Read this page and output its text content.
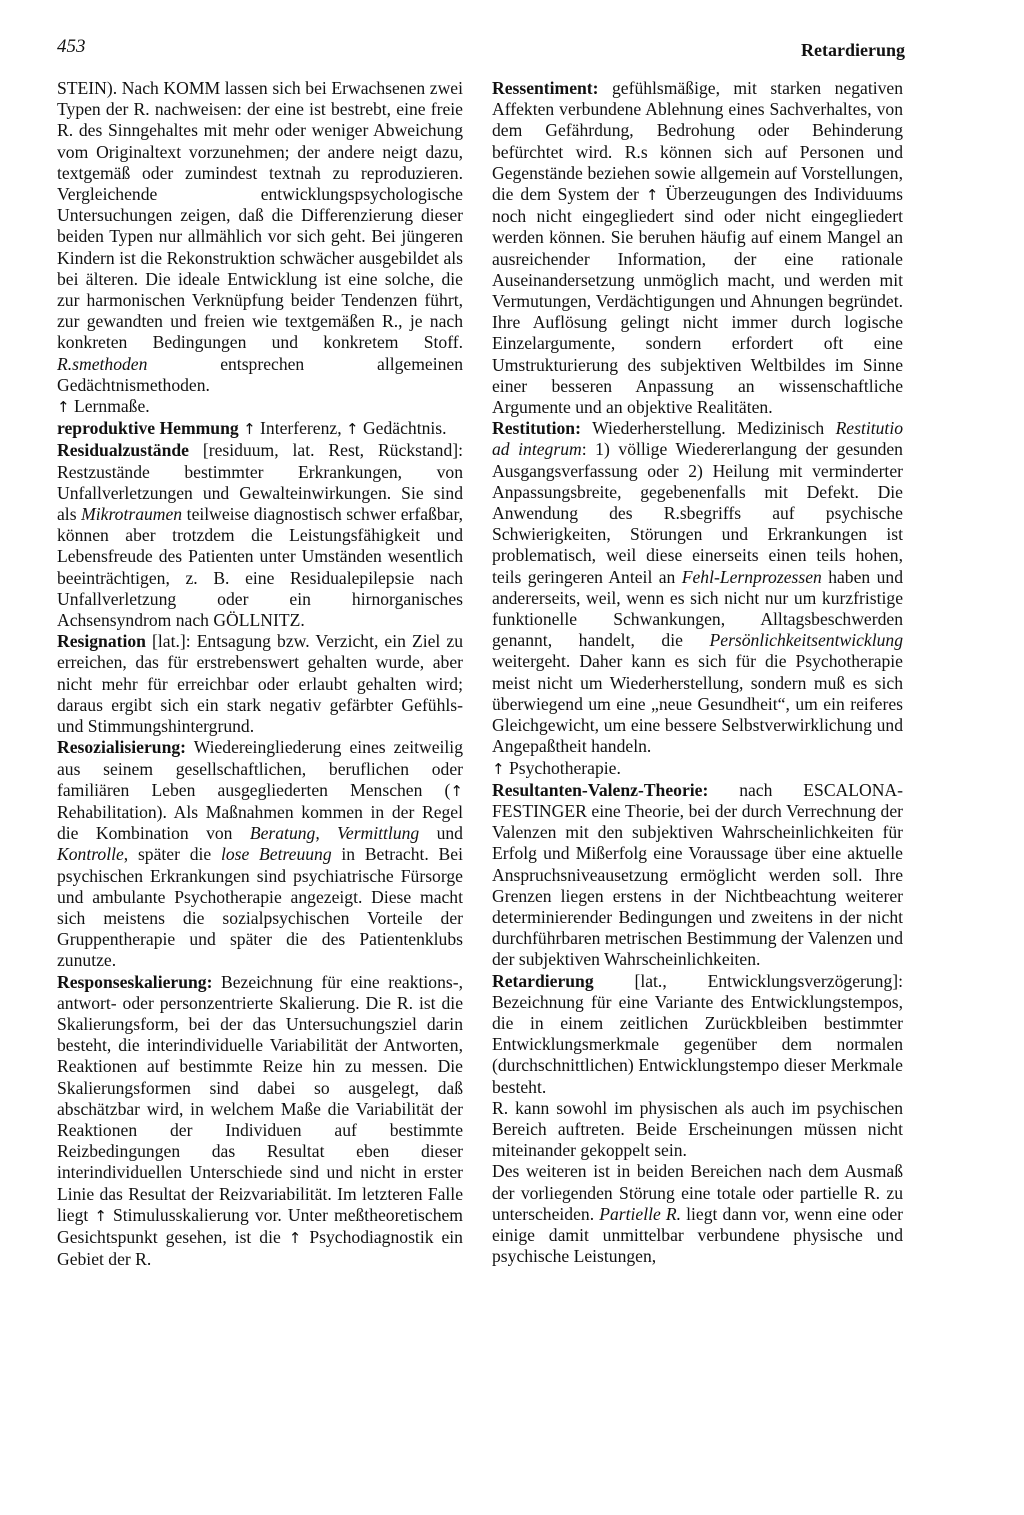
453	Retardierung

STEIN). Nach KOMM lassen sich bei Erwachsenen zwei Typen der R. nachweisen: der eine ist bestrebt, eine freie R. des Sinngehaltes mit mehr oder weniger Abweichung vom Originaltext vorzunehmen; der andere neigt dazu, textgemäß oder zumindest textnah zu reproduzieren. Vergleichende entwicklungspsychologische Untersuchungen zeigen, daß die Differenzierung dieser beiden Typen nur allmählich vor sich geht. Bei jüngeren Kindern ist die Rekonstruktion schwächer ausgebildet als bei älteren. Die ideale Entwicklung ist eine solche, die zur harmonischen Verknüpfung beider Tendenzen führt, zur gewandten und freien wie textgemäßen R., je nach konkreten Bedingungen und konkretem Stoff. R.smethoden entsprechen allgemeinen Gedächtnismethoden.

↑ Lernmaße.

reproduktive Hemmung ↑ Interferenz, ↑ Gedächtnis.

Residualzustände [residuum, lat. Rest, Rückstand]: Restzustände bestimmter Erkrankungen, von Unfallverletzungen und Gewalteinwirkungen. Sie sind als Mikrotraumen teilweise diagnostisch schwer erfaßbar, können aber trotzdem die Leistungsfähigkeit und Lebensfreude des Patienten unter Umständen wesentlich beeinträchtigen, z. B. eine Residualepilepsie nach Unfallverletzung oder ein hirnorganisches Achsensyndrom nach GÖLLNITZ.

Resignation [lat.]: Entsagung bzw. Verzicht, ein Ziel zu erreichen, das für erstrebenswert gehalten wurde, aber nicht mehr für erreichbar oder erlaubt gehalten wird; daraus ergibt sich ein stark negativ gefärbter Gefühls- und Stimmungshintergrund.

Resozialisierung: Wiedereingliederung eines zeitweilig aus seinem gesellschaftlichen, beruflichen oder familiären Leben ausgegliederten Menschen (↑ Rehabilitation). Als Maßnahmen kommen in der Regel die Kombination von Beratung, Vermittlung und Kontrolle, später die lose Betreuung in Betracht. Bei psychischen Erkrankungen sind psychiatrische Fürsorge und ambulante Psychotherapie angezeigt. Diese macht sich meistens die sozialpsychischen Vorteile der Gruppentherapie und später die des Patientenklubs zunutze.

Responseskalierung: Bezeichnung für eine reaktions-, antwort- oder personzentrierte Skalierung. Die R. ist die Skalierungsform, bei der das Untersuchungsziel darin besteht, die interindividuelle Variabilität der Antworten, Reaktionen auf bestimmte Reize hin zu messen. Die Skalierungsformen sind dabei so ausgelegt, daß abschätzbar wird, in welchem Maße die Variabilität der Reaktionen der Individuen auf bestimmte Reizbedingungen das Resultat eben dieser interindividuellen Unterschiede sind und nicht in erster Linie das Resultat der Reizvariabilität. Im letzteren Falle liegt ↑ Stimulusskalierung vor. Unter meßtheoretischem Gesichtspunkt gesehen, ist die ↑ Psychodiagnostik ein Gebiet der R.

Ressentiment: gefühlsmäßige, mit starken negativen Affekten verbundene Ablehnung eines Sachverhaltes, von dem Gefährdung, Bedrohung oder Behinderung befürchtet wird. R.s können sich auf Personen und Gegenstände beziehen sowie allgemein auf Vorstellungen, die dem System der ↑ Überzeugungen des Individuums noch nicht eingegliedert sind oder nicht eingegliedert werden können. Sie beruhen häufig auf einem Mangel an ausreichender Information, der eine rationale Auseinandersetzung unmöglich macht, und werden mit Vermutungen, Verdächtigungen und Ahnungen begründet. Ihre Auflösung gelingt nicht immer durch logische Einzelargumente, sondern erfordert oft eine Umstrukturierung des subjektiven Weltbildes im Sinne einer besseren Anpassung an wissenschaftliche Argumente und an objektive Realitäten.

Restitution: Wiederherstellung. Medizinisch Restitutio ad integrum: 1) völlige Wiedererlangung der gesunden Ausgangsverfassung oder 2) Heilung mit verminderter Anpassungsbreite, gegebenenfalls mit Defekt. Die Anwendung des R.sbegriffs auf psychische Schwierigkeiten, Störungen und Erkrankungen ist problematisch, weil diese einerseits einen teils hohen, teils geringeren Anteil an Fehl-Lernprozessen haben und andererseits, weil, wenn es sich nicht nur um kurzfristige funktionelle Schwankungen, Alltagsbeschwerden genannt, handelt, die Persönlichkeitsentwicklung weitergeht. Daher kann es sich für die Psychotherapie meist nicht um Wiederherstellung, sondern muß es sich überwiegend um eine „neue Gesundheit“, um ein reiferes Gleichgewicht, um eine bessere Selbstverwirklichung und Angepaßtheit handeln.

↑ Psychotherapie.

Resultanten-Valenz-Theorie: nach ESCALONA-FESTINGER eine Theorie, bei der durch Verrechnung der Valenzen mit den subjektiven Wahrscheinlichkeiten für Erfolg und Mißerfolg eine Voraussage über eine aktuelle Anspruchsniveausetzung ermöglicht werden soll. Ihre Grenzen liegen erstens in der Nichtbeachtung weiterer determinierender Bedingungen und zweitens in der nicht durchführbaren metrischen Bestimmung der Valenzen und der subjektiven Wahrscheinlichkeiten.

Retardierung [lat., Entwicklungsverzögerung]: Bezeichnung für eine Variante des Entwicklungstempos, die in einem zeitlichen Zurückbleiben bestimmter Entwicklungsmerkmale gegenüber dem normalen (durchschnittlichen) Entwicklungstempo dieser Merkmale besteht.

R. kann sowohl im physischen als auch im psychischen Bereich auftreten. Beide Erscheinungen müssen nicht miteinander gekoppelt sein.

Des weiteren ist in beiden Bereichen nach dem Ausmaß der vorliegenden Störung eine totale oder partielle R. zu unterscheiden. Partielle R. liegt dann vor, wenn eine oder einige damit unmittelbar verbundene physische und psychische Leistungen,
